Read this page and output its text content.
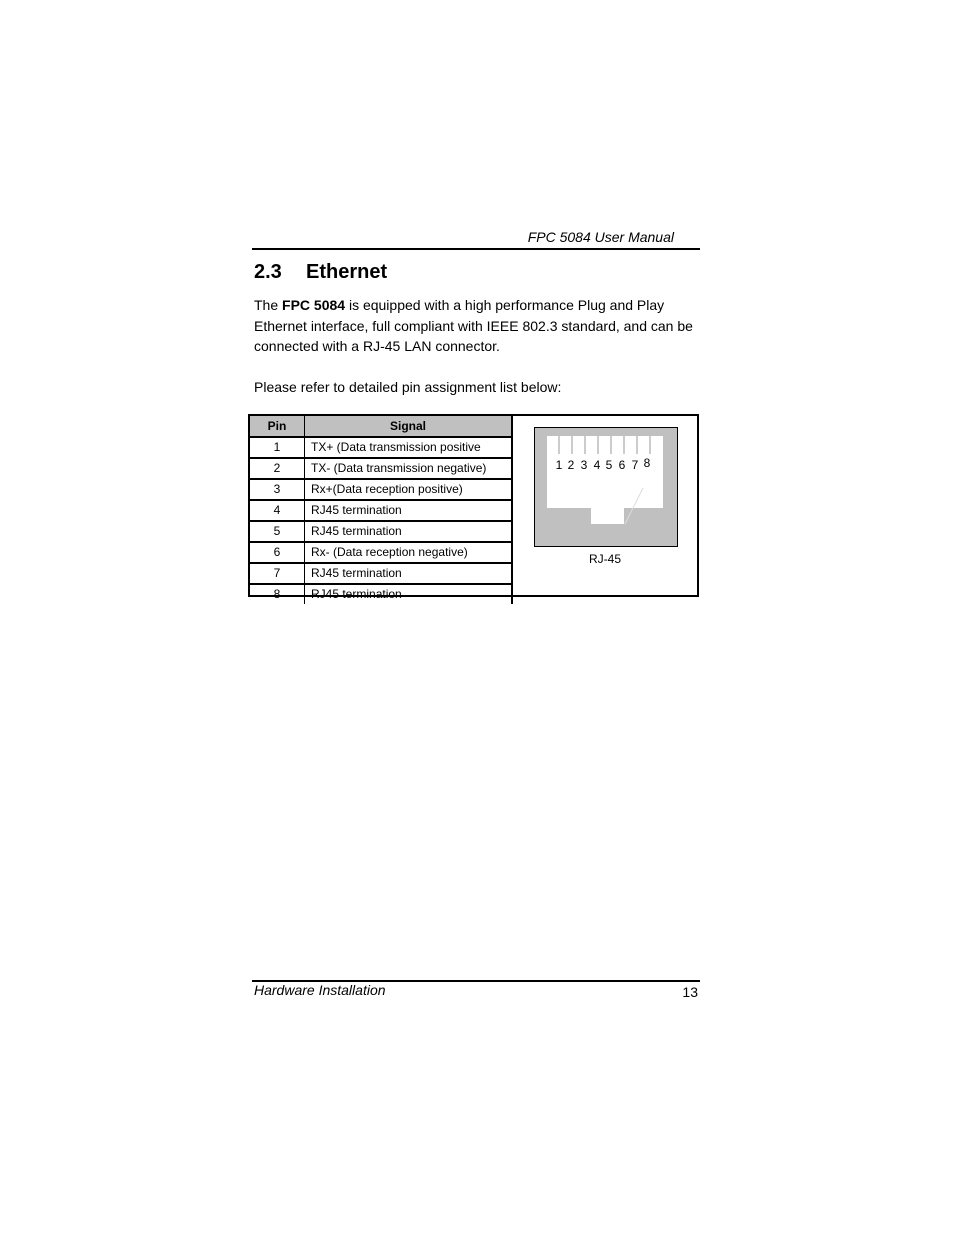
FPC 5084 User Manual
2.3 Ethernet

The FPC 5084 is equipped with a high performance Plug and Play Ethernet interface, full compliant with IEEE 802.3 standard, and can be connected with a RJ-45 LAN connector.

Please refer to detailed pin assignment list below:

Pin	Signal
1	TX+ (Data transmission positive
2	TX- (Data transmission negative)
3	Rx+(Data reception positive)
4	RJ45 termination
5	RJ45 termination
6	Rx- (Data reception negative)
7	RJ45 termination
8	RJ45 termination
1 2 3 4 5 6 7 8
RJ-45
Hardware Installation	13
